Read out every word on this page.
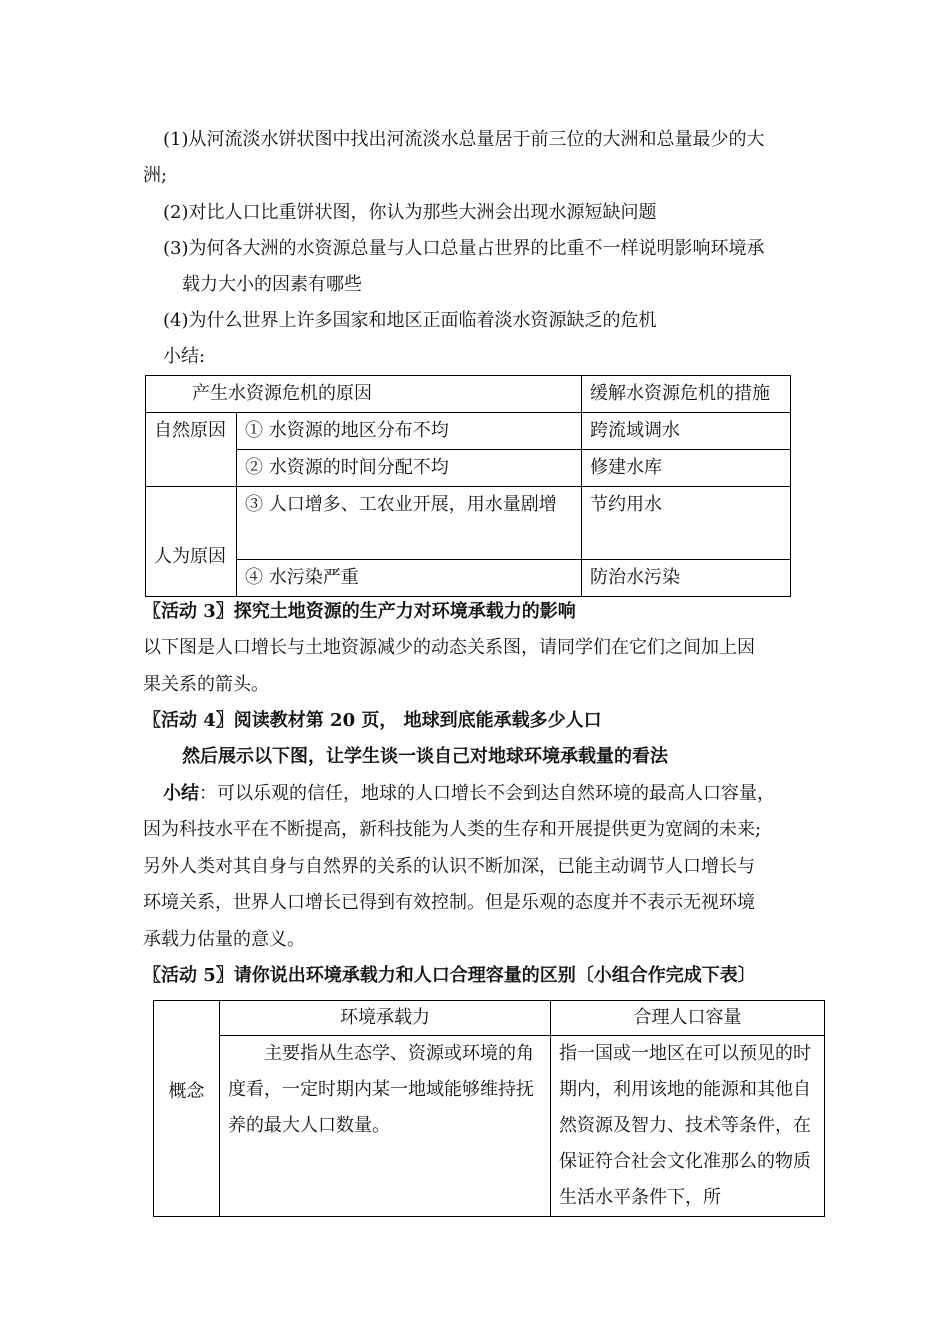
(1)从河流淡水饼状图中找出河流淡水总量居于前三位的大洲和总量最少的大
洲;
(2)对比人口比重饼状图，你认为那些大洲会出现水源短缺问题
(3)为何各大洲的水资源总量与人口总量占世界的比重不一样说明影响环境承
载力大小的因素有哪些
(4)为什么世界上许多国家和地区正面临着淡水资源缺乏的危机
小结:
产生水资源危机的原因		缓解水资源危机的措施
自然原因	① 水资源的地区分布不均	跨流域调水
	② 水资源的时间分配不均	修建水库
人为原因	③ 人口增多、工农业开展，用水量剧增	节约用水
	④ 水污染严重	防治水污染
〖活动 3〗探究土地资源的生产力对环境承载力的影响
以下图是人口增长与土地资源减少的动态关系图，请同学们在它们之间加上因
果关系的箭头。
〖活动 4〗阅读教材第 20 页， 地球到底能承载多少人口
然后展示以下图，让学生谈一谈自己对地球环境承载量的看法
小结：可以乐观的信任，地球的人口增长不会到达自然环境的最高人口容量，
因为科技水平在不断提高，新科技能为人类的生存和开展提供更为宽阔的未来;
另外人类对其自身与自然界的关系的认识不断加深，已能主动调节人口增长与
环境关系，世界人口增长已得到有效控制。但是乐观的态度并不表示无视环境
承载力估量的意义。
〖活动 5〗请你说出环境承载力和人口合理容量的区别〔小组合作完成下表〕
	环境承载力	合理人口容量
概念	主要指从生态学、资源或环境的角度看，一定时期内某一地域能够维持抚养的最大人口数量。	指一国或一地区在可以预见的时期内，利用该地的能源和其他自然资源及智力、技术等条件，在保证符合社会文化准那么的物质生活水平条件下，所
